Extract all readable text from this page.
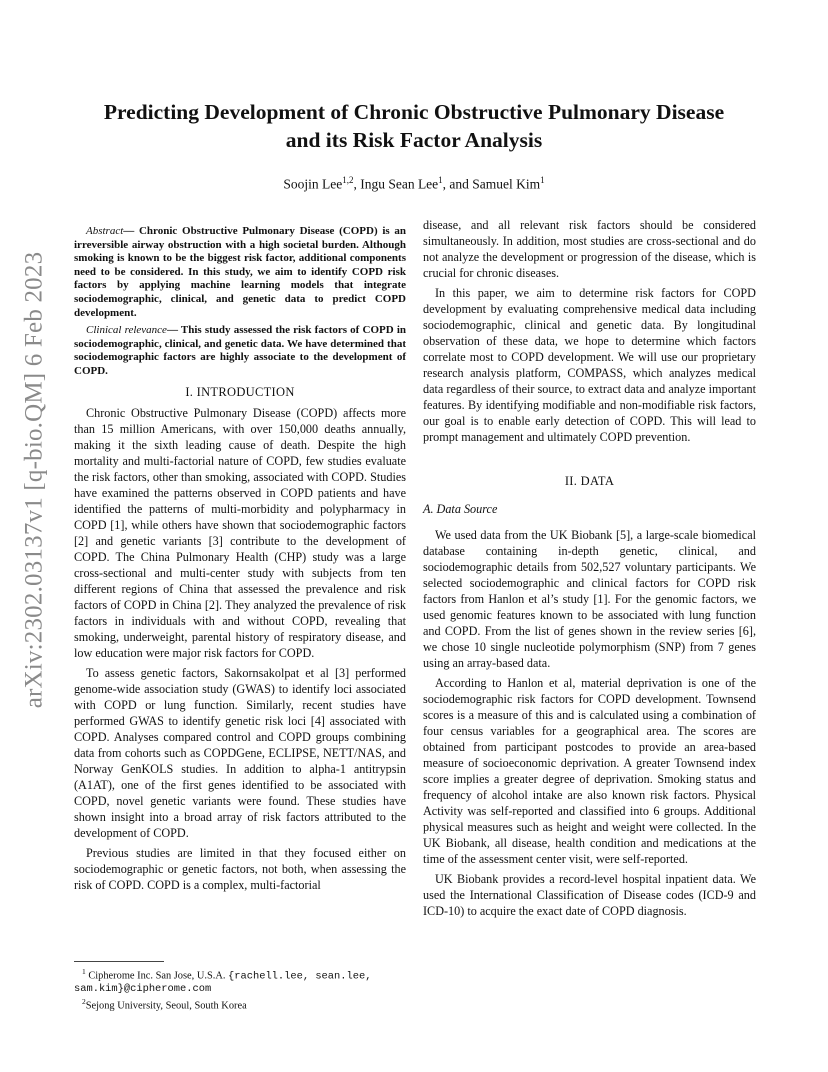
arXiv:2302.03137v1 [q-bio.QM] 6 Feb 2023
Predicting Development of Chronic Obstructive Pulmonary Disease
and its Risk Factor Analysis
Soojin Lee$^{1,2}$, Ingu Sean Lee$^1$, and Samuel Kim$^1$

Abstract— Chronic Obstructive Pulmonary Disease (COPD) is an irreversible airway obstruction with a high societal burden. Although smoking is known to be the biggest risk factor, additional components need to be considered. In this study, we aim to identify COPD risk factors by applying machine learning models that integrate sociodemographic, clinical, and genetic data to predict COPD development.

Clinical relevance— This study assessed the risk factors of COPD in sociodemographic, clinical, and genetic data. We have determined that sociodemographic factors are highly associate to the development of COPD.

I. INTRODUCTION

Chronic Obstructive Pulmonary Disease (COPD) affects more than 15 million Americans, with over 150,000 deaths annually, making it the sixth leading cause of death. Despite the high mortality and multi-factorial nature of COPD, few studies evaluate the risk factors, other than smoking, associated with COPD. Studies have examined the patterns observed in COPD patients and have identified the patterns of multi-morbidity and polypharmacy in COPD [1], while others have shown that sociodemographic factors [2] and genetic variants [3] contribute to the development of COPD. The China Pulmonary Health (CHP) study was a large cross-sectional and multi-center study with subjects from ten different regions of China that assessed the prevalence and risk factors of COPD in China [2]. They analyzed the prevalence of risk factors in individuals with and without COPD, revealing that smoking, underweight, parental history of respiratory disease, and low education were major risk factors for COPD.

To assess genetic factors, Sakornsakolpat et al [3] performed genome-wide association study (GWAS) to identify loci associated with COPD or lung function. Similarly, recent studies have performed GWAS to identify genetic risk loci [4] associated with COPD. Analyses compared control and COPD groups combining data from cohorts such as COPDGene, ECLIPSE, NETT/NAS, and Norway GenKOLS studies. In addition to alpha-1 antitrypsin (A1AT), one of the first genes identified to be associated with COPD, novel genetic variants were found. These studies have shown insight into a broad array of risk factors attributed to the development of COPD.

Previous studies are limited in that they focused either on sociodemographic or genetic factors, not both, when assessing the risk of COPD. COPD is a complex, multi-factorial

$^1$ Cipherome Inc. San Jose, U.S.A. {rachell.lee, sean.lee, sam.kim}@cipherome.com

$^2$Sejong University, Seoul, South Korea

disease, and all relevant risk factors should be considered simultaneously. In addition, most studies are cross-sectional and do not analyze the development or progression of the disease, which is crucial for chronic diseases.

In this paper, we aim to determine risk factors for COPD development by evaluating comprehensive medical data including sociodemographic, clinical and genetic data. By longitudinal observation of these data, we hope to determine which factors correlate most to COPD development. We will use our proprietary research analysis platform, COMPASS, which analyzes medical data regardless of their source, to extract data and analyze important features. By identifying modifiable and non-modifiable risk factors, our goal is to enable early detection of COPD. This will lead to prompt management and ultimately COPD prevention.

II. DATA
A. Data Source

We used data from the UK Biobank [5], a large-scale biomedical database containing in-depth genetic, clinical, and sociodemographic details from 502,527 voluntary participants. We selected sociodemographic and clinical factors for COPD risk factors from Hanlon et al’s study [1]. For the genomic factors, we used genomic features known to be associated with lung function and COPD. From the list of genes shown in the review series [6], we chose 10 single nucleotide polymorphism (SNP) from 7 genes using an array-based data.

According to Hanlon et al, material deprivation is one of the sociodemographic risk factors for COPD development. Townsend scores is a measure of this and is calculated using a combination of four census variables for a geographical area. The scores are obtained from participant postcodes to provide an area-based measure of socioeconomic deprivation. A greater Townsend index score implies a greater degree of deprivation. Smoking status and frequency of alcohol intake are also known risk factors. Physical Activity was self-reported and classified into 6 groups. Additional physical measures such as height and weight were collected. In the UK Biobank, all disease, health condition and medications at the time of the assessment center visit, were self-reported.

UK Biobank provides a record-level hospital inpatient data. We used the International Classification of Disease codes (ICD-9 and ICD-10) to acquire the exact date of COPD diagnosis.
